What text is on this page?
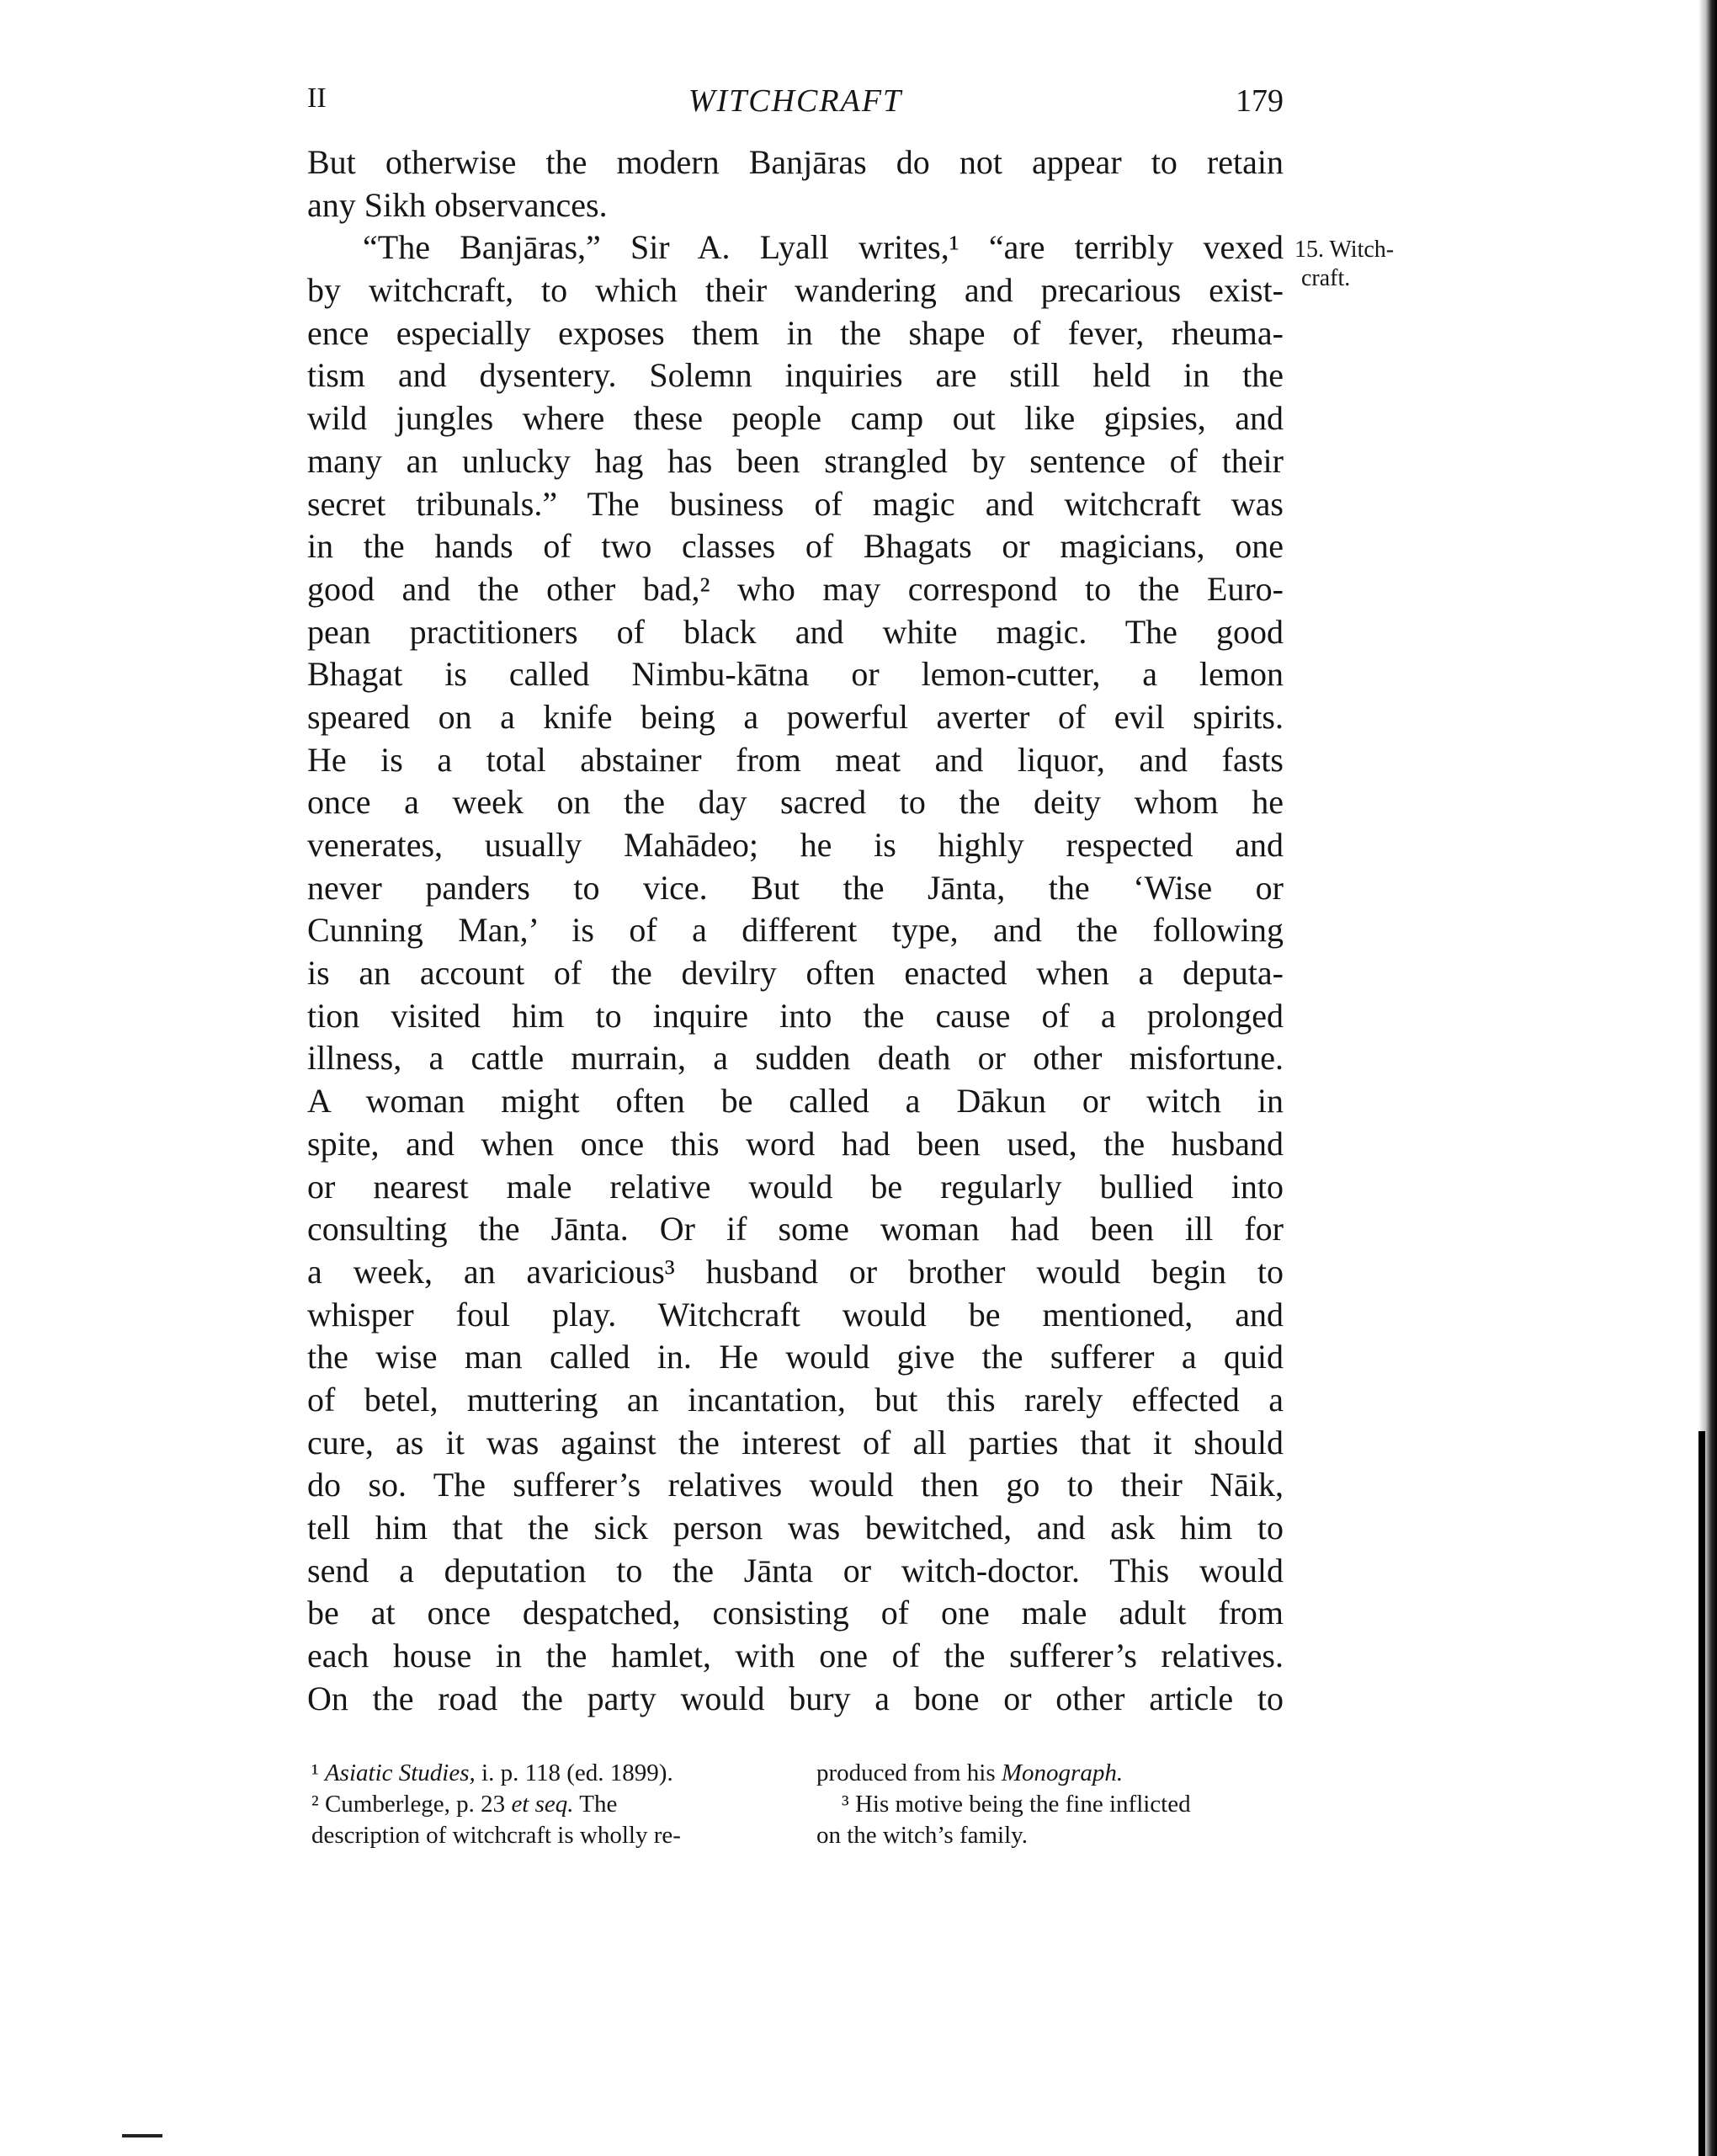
II	WITCHCRAFT	179
15. Witch-
craft.
But otherwise the modern Banjāras do not appear to retain
any Sikh observances.
“The Banjāras,” Sir A. Lyall writes,¹ “are terribly vexed
by witchcraft, to which their wandering and precarious exist-
ence especially exposes them in the shape of fever, rheuma-
tism and dysentery. Solemn inquiries are still held in the
wild jungles where these people camp out like gipsies, and
many an unlucky hag has been strangled by sentence of their
secret tribunals.” The business of magic and witchcraft was
in the hands of two classes of Bhagats or magicians, one
good and the other bad,² who may correspond to the Euro-
pean practitioners of black and white magic. The good
Bhagat is called Nimbu-kātna or lemon-cutter, a lemon
speared on a knife being a powerful averter of evil spirits.
He is a total abstainer from meat and liquor, and fasts
once a week on the day sacred to the deity whom he
venerates, usually Mahādeo; he is highly respected and
never panders to vice. But the Jānta, the ‘Wise or
Cunning Man,’ is of a different type, and the following
is an account of the devilry often enacted when a deputa-
tion visited him to inquire into the cause of a prolonged
illness, a cattle murrain, a sudden death or other misfortune.
A woman might often be called a Dākun or witch in
spite, and when once this word had been used, the husband
or nearest male relative would be regularly bullied into
consulting the Jānta. Or if some woman had been ill for
a week, an avaricious³ husband or brother would begin to
whisper foul play. Witchcraft would be mentioned, and
the wise man called in. He would give the sufferer a quid
of betel, muttering an incantation, but this rarely effected a
cure, as it was against the interest of all parties that it should
do so. The sufferer’s relatives would then go to their Nāik,
tell him that the sick person was bewitched, and ask him to
send a deputation to the Jānta or witch-doctor. This would
be at once despatched, consisting of one male adult from
each house in the hamlet, with one of the sufferer’s relatives.
On the road the party would bury a bone or other article to
¹ Asiatic Studies, i. p. 118 (ed. 1899).
² Cumberlege, p. 23 et seq. The
description of witchcraft is wholly re-
produced from his Monograph.
³ His motive being the fine inflicted
on the witch’s family.
